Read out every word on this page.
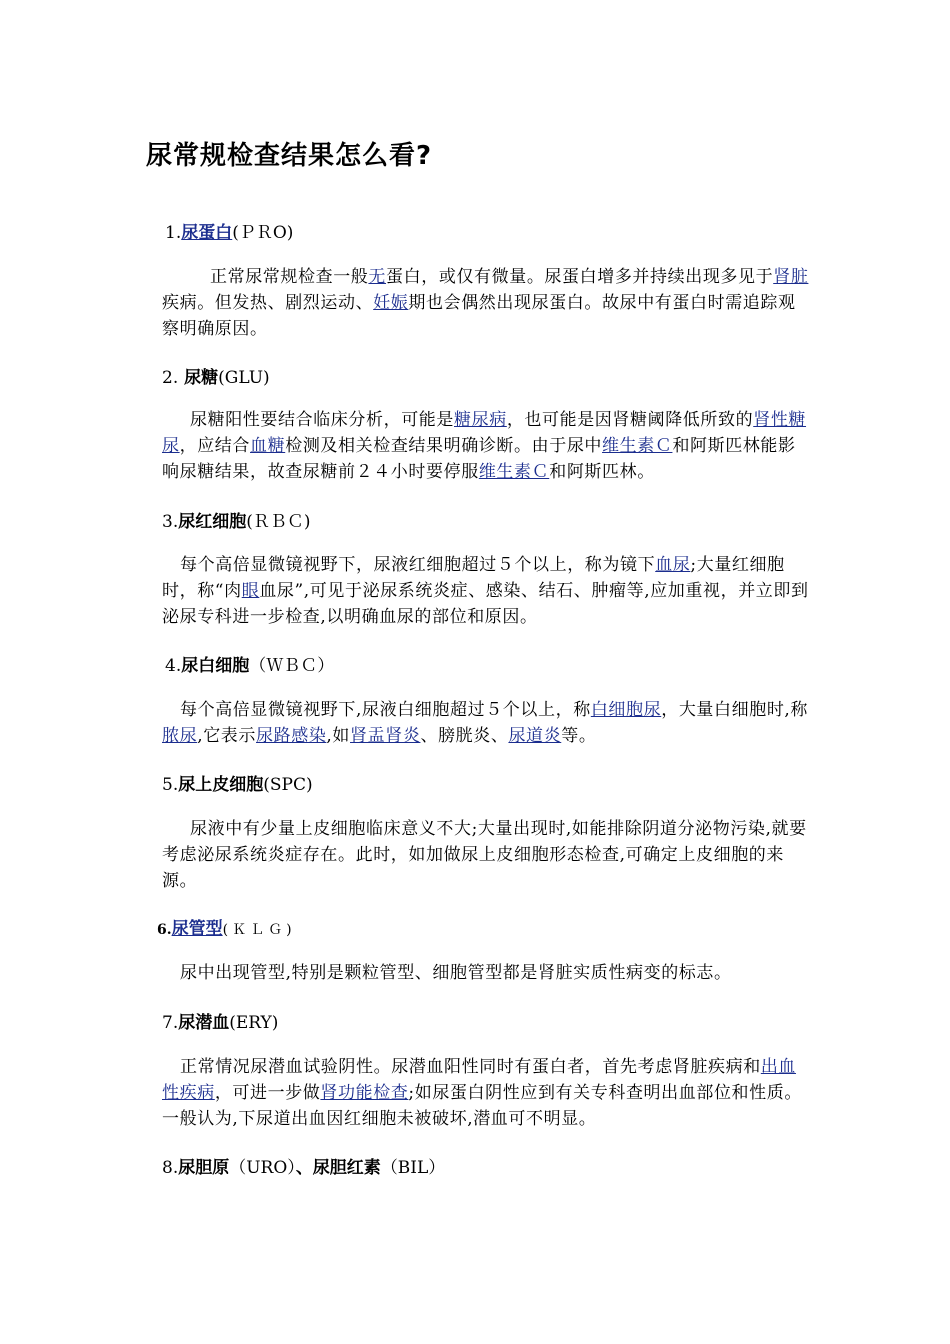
尿常规检查结果怎么看?
1.尿蛋白(ＰＲO)

正常尿常规检查一般无蛋白，或仅有微量。尿蛋白增多并持续出现多见于肾脏疾病。但发热、剧烈运动、妊娠期也会偶然出现尿蛋白。故尿中有蛋白时需追踪观察明确原因。

2. 尿糖(GLU)

尿糖阳性要结合临床分析，可能是糖尿病，也可能是因肾糖阈降低所致的肾性糖尿，应结合血糖检测及相关检查结果明确诊断。由于尿中维生素Ｃ和阿斯匹林能影响尿糖结果，故查尿糖前２４小时要停服维生素Ｃ和阿斯匹林。

3.尿红细胞(ＲＢＣ)

每个高倍显微镜视野下，尿液红细胞超过５个以上，称为镜下血尿;大量红细胞时，称“肉眼血尿”,可见于泌尿系统炎症、感染、结石、肿瘤等,应加重视，并立即到泌尿专科进一步检查,以明确血尿的部位和原因。

4.尿白细胞（ＷＢＣ）

每个高倍显微镜视野下,尿液白细胞超过５个以上，称白细胞尿，大量白细胞时,称脓尿,它表示尿路感染,如肾盂肾炎、膀胱炎、尿道炎等。

5.尿上皮细胞(SPC)

尿液中有少量上皮细胞临床意义不大;大量出现时,如能排除阴道分泌物污染,就要考虑泌尿系统炎症存在。此时，如加做尿上皮细胞形态检查,可确定上皮细胞的来源。

6.尿管型(ＫＬＧ)

尿中出现管型,特别是颗粒管型、细胞管型都是肾脏实质性病变的标志。

7.尿潜血(ERY)

正常情况尿潜血试验阴性。尿潜血阳性同时有蛋白者，首先考虑肾脏疾病和出血性疾病，可进一步做肾功能检查;如尿蛋白阴性应到有关专科查明出血部位和性质。一般认为,下尿道出血因红细胞未被破坏,潜血可不明显。

8.尿胆原（URO）、尿胆红素（BIL）
